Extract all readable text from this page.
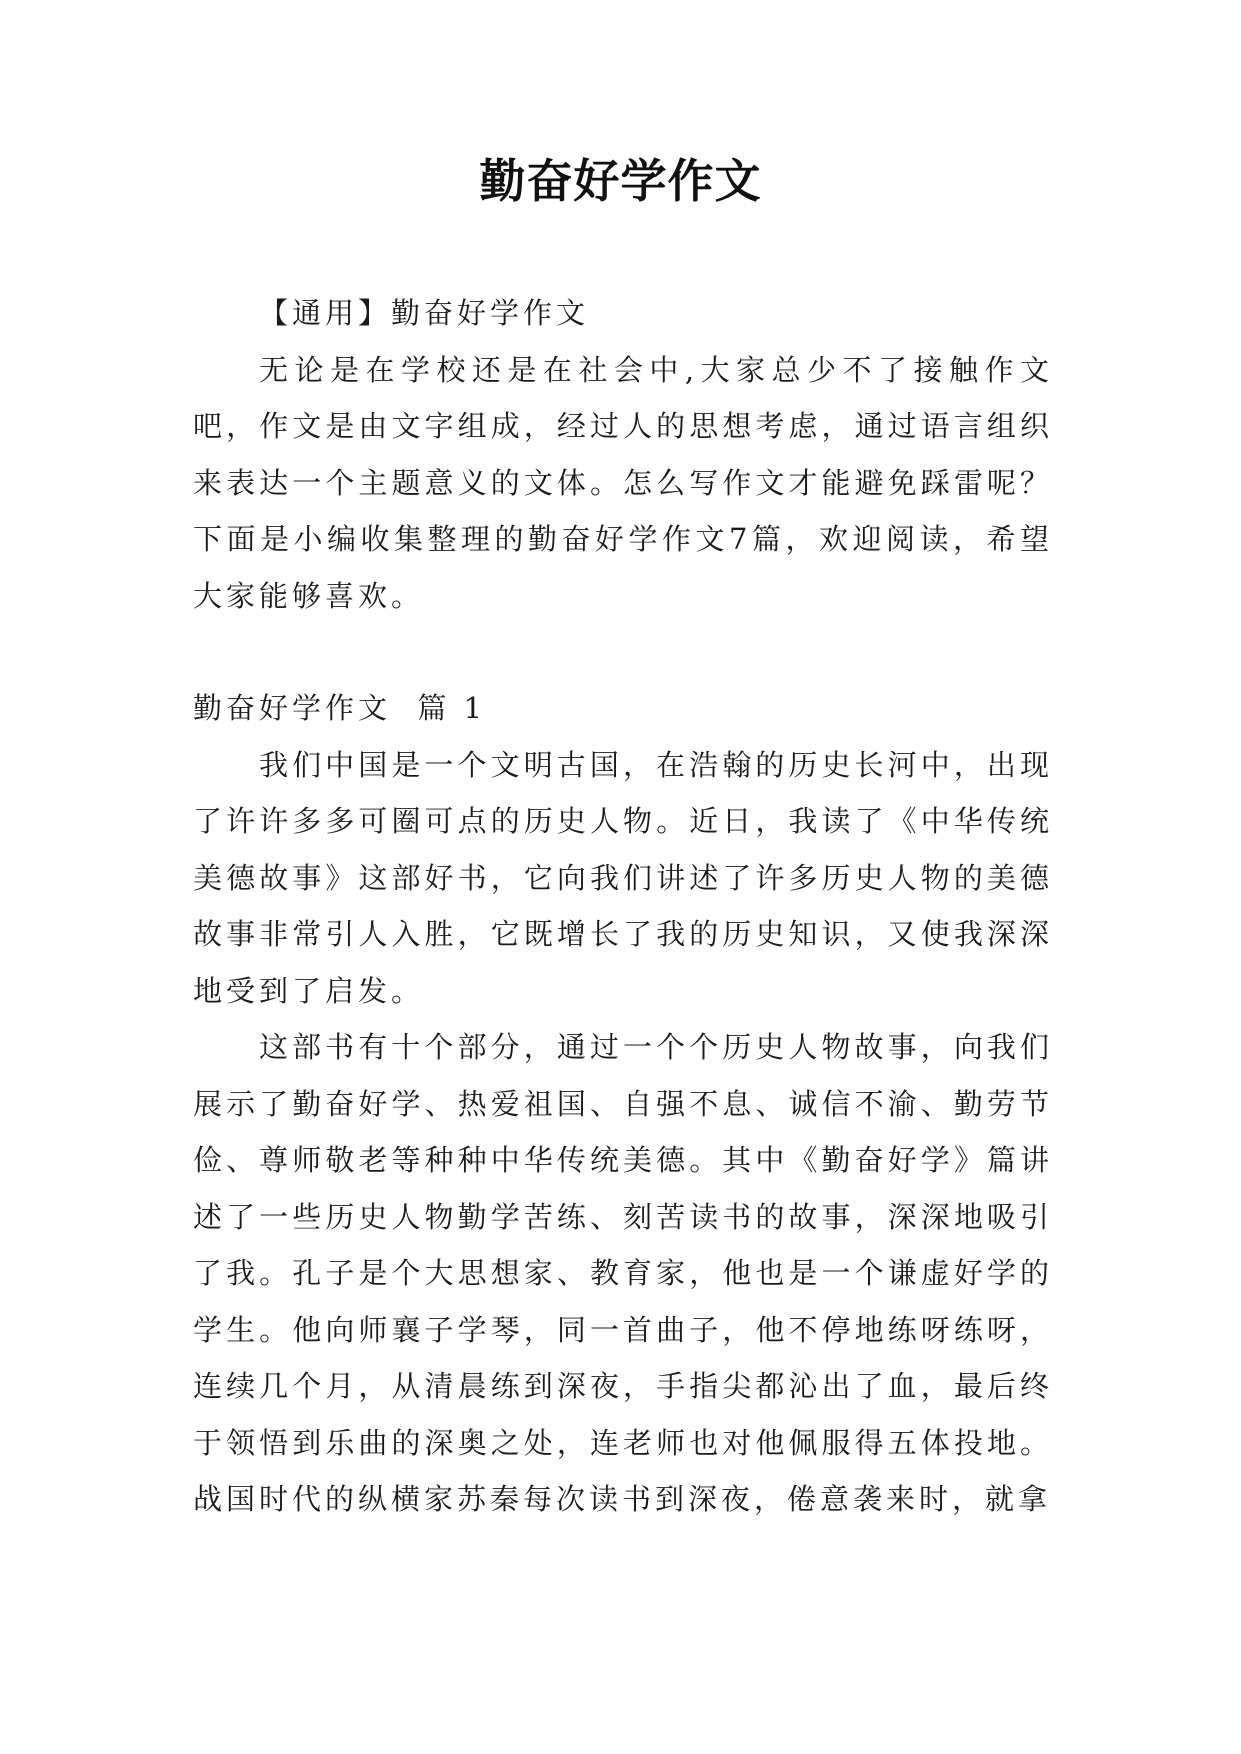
勤奋好学作文

【通用】勤奋好学作文

无论是在学校还是在社会中,大家总少不了接触作文吧，作文是由文字组成，经过人的思想考虑，通过语言组织来表达一个主题意义的文体。怎么写作文才能避免踩雷呢？下面是小编收集整理的勤奋好学作文7篇，欢迎阅读，希望大家能够喜欢。

勤奋好学作文  篇 1

我们中国是一个文明古国，在浩翰的历史长河中，出现了许许多多可圈可点的历史人物。近日，我读了《中华传统美德故事》这部好书，它向我们讲述了许多历史人物的美德故事非常引人入胜，它既增长了我的历史知识，又使我深深地受到了启发。

这部书有十个部分，通过一个个历史人物故事，向我们展示了勤奋好学、热爱祖国、自强不息、诚信不渝、勤劳节俭、尊师敬老等种种中华传统美德。其中《勤奋好学》篇讲述了一些历史人物勤学苦练、刻苦读书的故事，深深地吸引了我。孔子是个大思想家、教育家，他也是一个谦虚好学的学生。他向师襄子学琴，同一首曲子，他不停地练呀练呀，连续几个月，从清晨练到深夜，手指尖都沁出了血，最后终于领悟到乐曲的深奥之处，连老师也对他佩服得五体投地。战国时代的纵横家苏秦每次读书到深夜，倦意袭来时，就拿
